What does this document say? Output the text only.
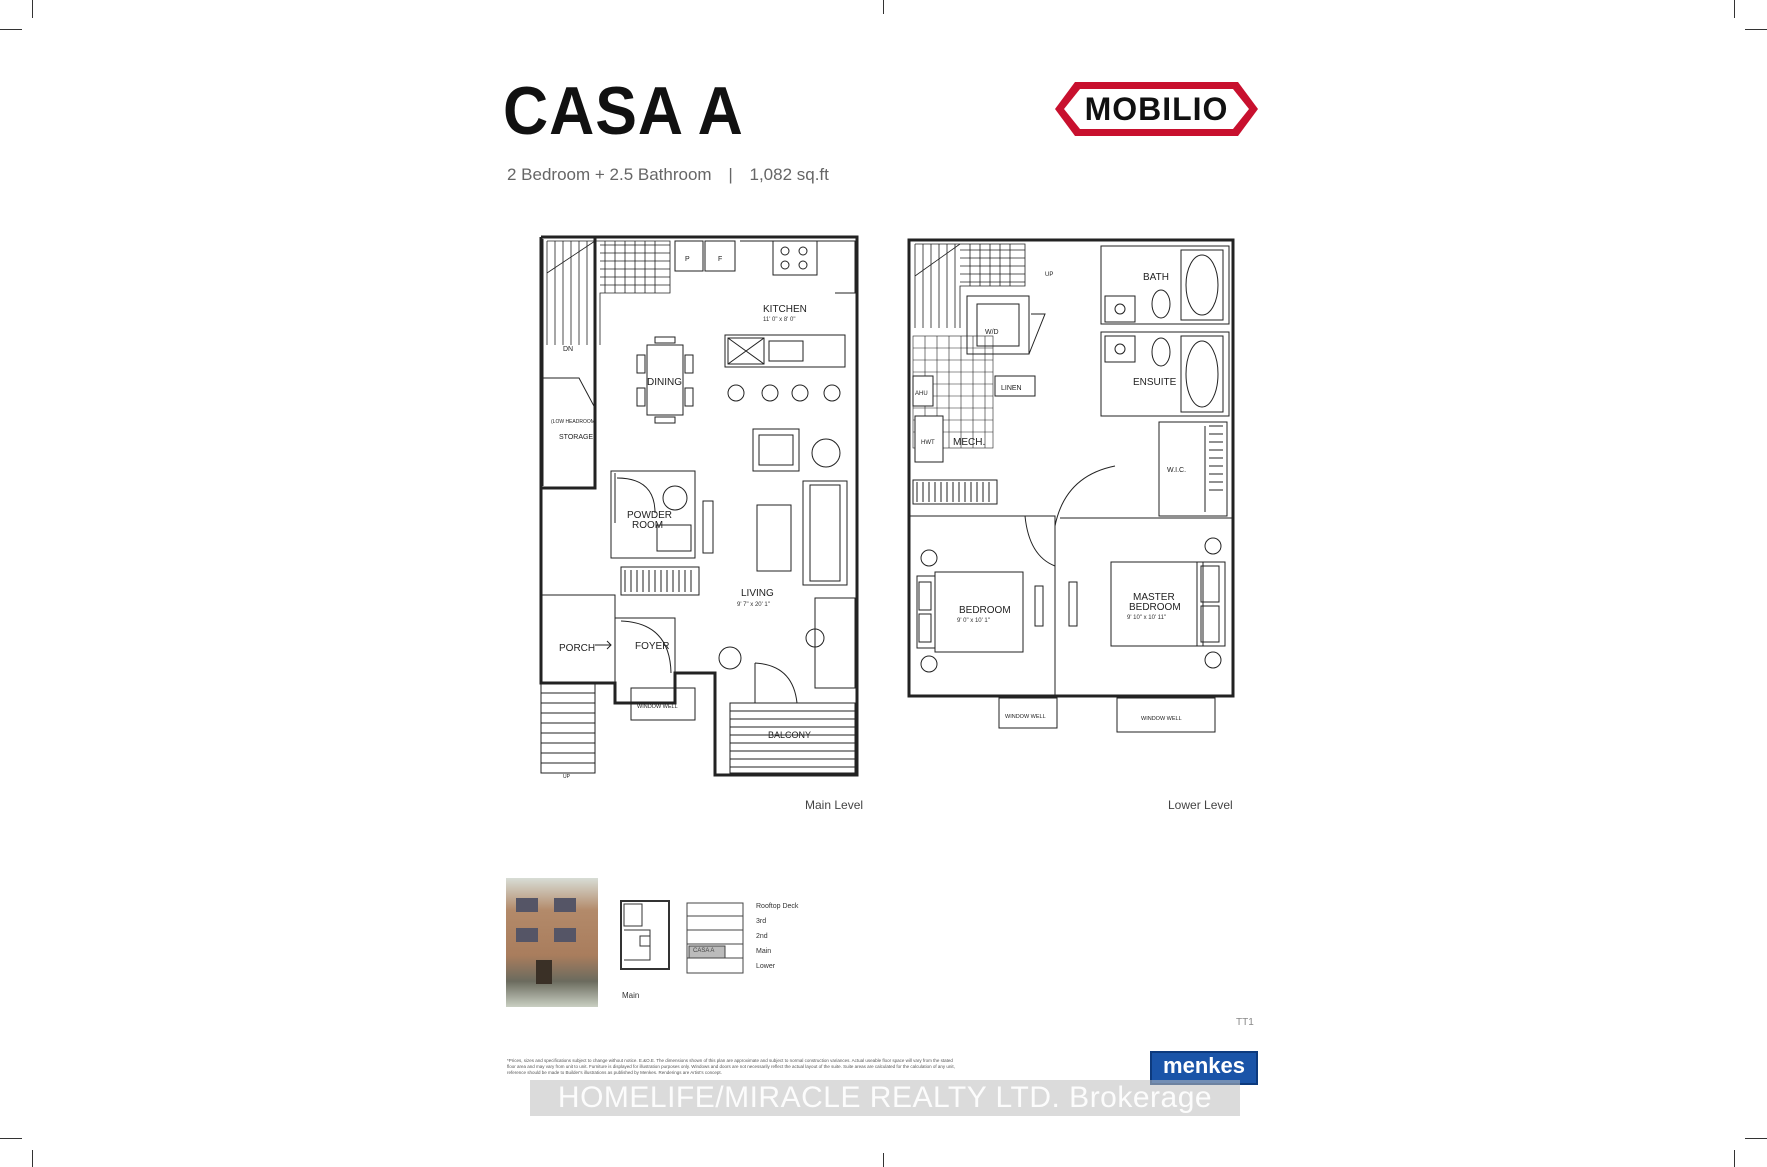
CASA A
2 Bedroom + 2.5 Bathroom | 1,082 sq.ft
MOBILIO
DN
P	F
KITCHEN
11' 0" x 8' 0"
DINING
(LOW HEADROOM)
STORAGE
LIVING
9' 7" x 20' 1"
POWDER
ROOM
PORCH	FOYER
WINDOW WELL
BALCONY
UP
Main Level
UP
W/D
AHU
HWT MECH.
LINEN
BATH
ENSUITE
W.I.C.
BEDROOM
9' 0" x 10' 1"
MASTER
BEDROOM
9' 10" x 10' 11"
WINDOW WELL	WINDOW WELL
Lower Level
Main
CASA A
Rooftop Deck
3rd
2nd
Main
Lower
TT1
*Prices, sizes and specifications subject to change without notice. E.&O.E. The dimensions shown of this plan are approximate and subject to normal construction variances. Actual useable floor space will vary from the stated floor area and may vary from unit to unit. Furniture is displayed for illustration purposes only. Windows and doors are not necessarily reflect the actual layout of the suite. Suite areas are calculated for the calculation of any unit, reference should be made to Builder's illustrations as published by Menkes. Renderings are Artist's concept.	menkes
HOMELIFE/MIRACLE REALTY LTD. Brokerage
